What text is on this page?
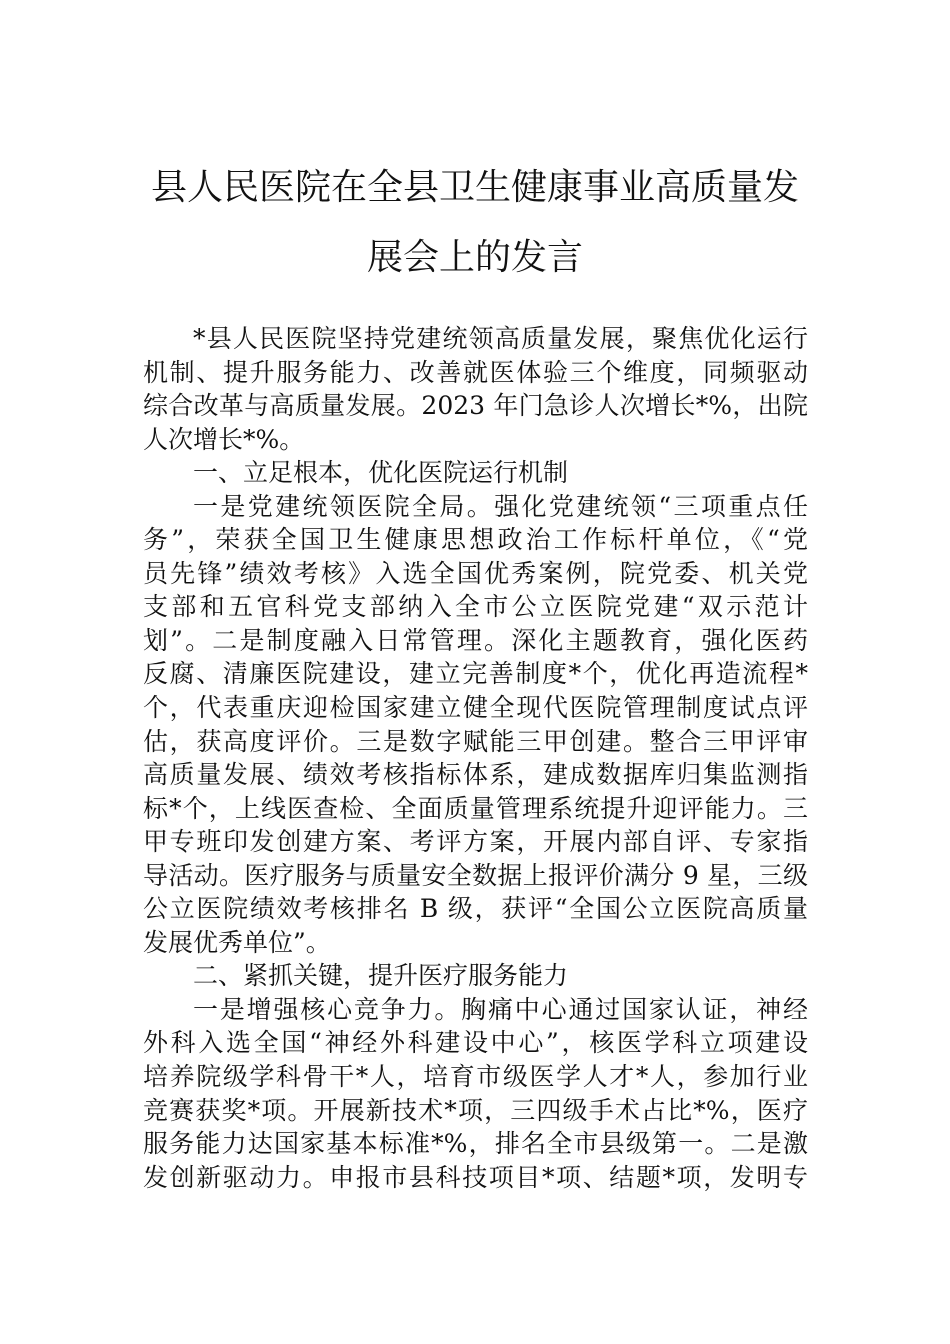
县人民医院在全县卫生健康事业高质量发
展会上的发言
*县人民医院坚持党建统领高质量发展，聚焦优化运行
机制、提升服务能力、改善就医体验三个维度，同频驱动
综合改革与高质量发展。2023 年门急诊人次增长*%，出院
人次增长*%。
一、立足根本，优化医院运行机制
一是党建统领医院全局。强化党建统领“三项重点任
务”，荣获全国卫生健康思想政治工作标杆单位，《“党
员先锋”绩效考核》入选全国优秀案例，院党委、机关党
支部和五官科党支部纳入全市公立医院党建“双示范计
划”。二是制度融入日常管理。深化主题教育，强化医药
反腐、清廉医院建设，建立完善制度*个，优化再造流程*
个，代表重庆迎检国家建立健全现代医院管理制度试点评
估，获高度评价。三是数字赋能三甲创建。整合三甲评审
高质量发展、绩效考核指标体系，建成数据库归集监测指
标*个，上线医查检、全面质量管理系统提升迎评能力。三
甲专班印发创建方案、考评方案，开展内部自评、专家指
导活动。医疗服务与质量安全数据上报评价满分 9 星，三级
公立医院绩效考核排名 B 级，获评“全国公立医院高质量
发展优秀单位”。
二、紧抓关键，提升医疗服务能力
一是增强核心竞争力。胸痛中心通过国家认证，神经
外科入选全国“神经外科建设中心”，核医学科立项建设
培养院级学科骨干*人，培育市级医学人才*人，参加行业
竞赛获奖*项。开展新技术*项，三四级手术占比*%，医疗
服务能力达国家基本标准*%，排名全市县级第一。二是激
发创新驱动力。申报市县科技项目*项、结题*项，发明专
